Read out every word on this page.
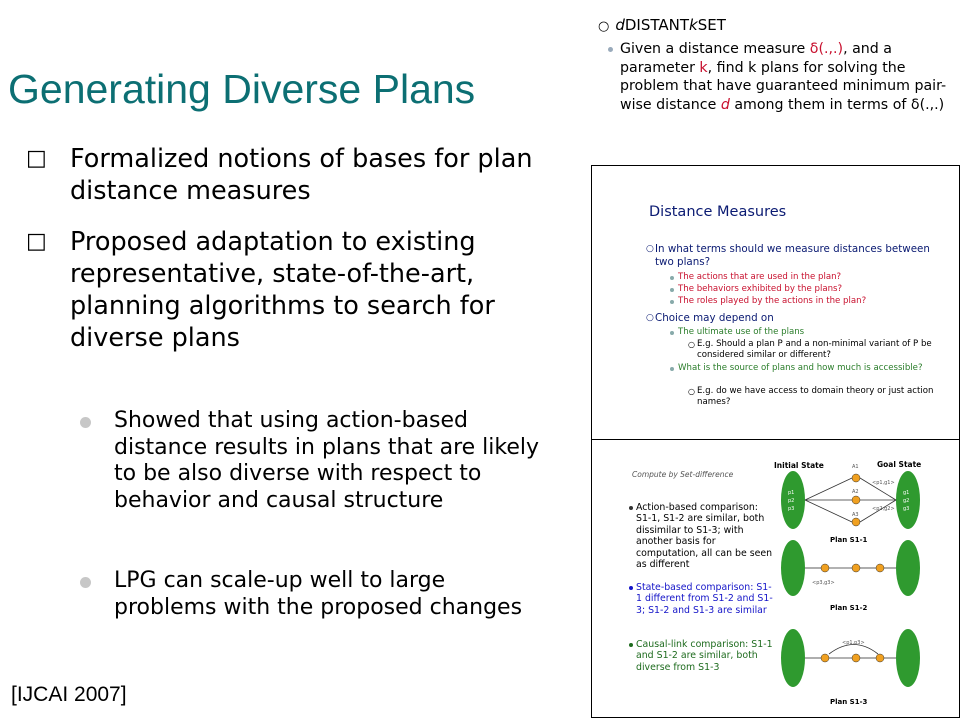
Generating Diverse Plans
□ Formalized notions of bases for plan distance measures
□ Proposed adaptation to existing representative, state-of-the-art, planning algorithms to search for diverse plans
Showed that using action-based distance results in plans that are likely to be also diverse with respect to behavior and causal structure
LPG can scale-up well to large problems with the proposed changes
[IJCAI 2007]
○ dDISTANTkSET
Given a distance measure δ(.,.), and a parameter k, find k plans for solving the problem that have guaranteed minimum pair-wise distance d among them in terms of δ(.,.)
Distance Measures
○ In what terms should we measure distances between two plans?
The actions that are used in the plan?
The behaviors exhibited by the plans?
The roles played by the actions in the plan?
○ Choice may depend on
The ultimate use of the plans
○ E.g. Should a plan P and a non-minimal variant of P be considered similar or different?
What is the source of plans and how much is accessible?
○ E.g. do we have access to domain theory or just action names?
Compute by Set-difference
Initial State	Goal State
p1
p2
p3
g1
g2
g3
A1
A2
A3
<p1,g1>
<p2,g2>
<p3,g3>
<p1,p3>
Plan S1-1
Plan S1-2
Plan S1-3
Action-based comparison: S1-1, S1-2 are similar, both dissimilar to S1-3; with another basis for computation, all can be seen as different
State-based comparison: S1-1 different from S1-2 and S1-3; S1-2 and S1-3 are similar
Causal-link comparison: S1-1 and S1-2 are similar, both diverse from S1-3
